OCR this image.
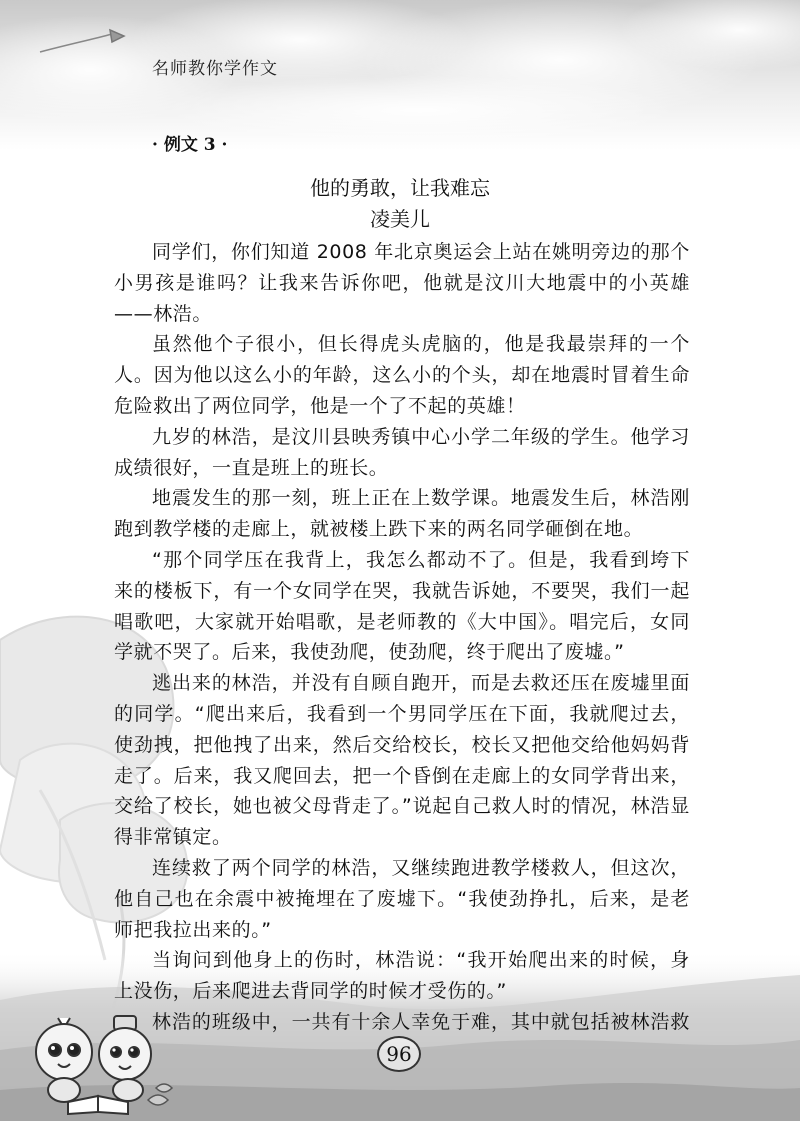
名师教你学作文
· 例文 3 ·
他的勇敢，让我难忘
凌美儿

同学们，你们知道 2008 年北京奥运会上站在姚明旁边的那个小男孩是谁吗？让我来告诉你吧，他就是汶川大地震中的小英雄——林浩。

虽然他个子很小，但长得虎头虎脑的，他是我最崇拜的一个人。因为他以这么小的年龄，这么小的个头，却在地震时冒着生命危险救出了两位同学，他是一个了不起的英雄！

九岁的林浩，是汶川县映秀镇中心小学二年级的学生。他学习成绩很好，一直是班上的班长。

地震发生的那一刻，班上正在上数学课。地震发生后，林浩刚跑到教学楼的走廊上，就被楼上跌下来的两名同学砸倒在地。

“那个同学压在我背上，我怎么都动不了。但是，我看到垮下来的楼板下，有一个女同学在哭，我就告诉她，不要哭，我们一起唱歌吧，大家就开始唱歌，是老师教的《大中国》。唱完后，女同学就不哭了。后来，我使劲爬，使劲爬，终于爬出了废墟。”

逃出来的林浩，并没有自顾自跑开，而是去救还压在废墟里面的同学。“爬出来后，我看到一个男同学压在下面，我就爬过去，使劲拽，把他拽了出来，然后交给校长，校长又把他交给他妈妈背走了。后来，我又爬回去，把一个昏倒在走廊上的女同学背出来，交给了校长，她也被父母背走了。”说起自己救人时的情况，林浩显得非常镇定。

连续救了两个同学的林浩，又继续跑进教学楼救人，但这次，他自己也在余震中被掩埋在了废墟下。“我使劲挣扎，后来，是老师把我拉出来的。”

当询问到他身上的伤时，林浩说：“我开始爬出来的时候，身上没伤，后来爬进去背同学的时候才受伤的。”

林浩的班级中，一共有十余人幸免于难，其中就包括被林浩救

96
